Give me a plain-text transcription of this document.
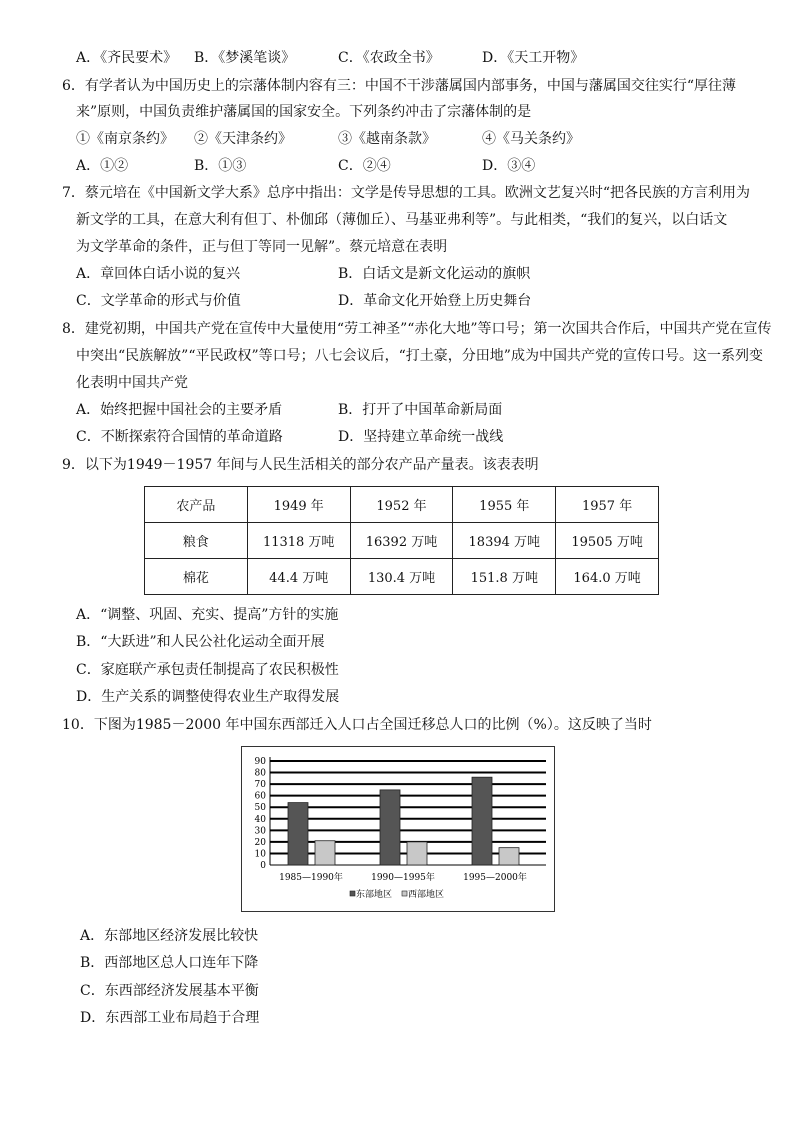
A．《齐民要术》 B．《梦溪笔谈》	C．《农政全书》	D．《天工开物》
6．有学者认为中国历史上的宗藩体制内容有三：中国不干涉藩属国内部事务，中国与藩属国交往实行“厚往薄
来”原则，中国负责维护藩属国的国家安全。下列条约冲击了宗藩体制的是
①《南京条约》 ②《天津条约》	③《越南条款》	④《马关条约》
A．①②	B．①③	C．②④	D．③④
7．蔡元培在《中国新文学大系》总序中指出：文学是传导思想的工具。欧洲文艺复兴时“把各民族的方言利用为
新文学的工具，在意大利有但丁、朴伽邱（薄伽丘）、马基亚弗利等”。与此相类，“我们的复兴，以白话文
为文学革命的条件，正与但丁等同一见解”。蔡元培意在表明
A．章回体白话小说的复兴	B．白话文是新文化运动的旗帜
C．文学革命的形式与价值	D．革命文化开始登上历史舞台
8．建党初期，中国共产党在宣传中大量使用“劳工神圣”“赤化大地”等口号；第一次国共合作后，中国共产党在宣传
中突出“民族解放”“平民政权”等口号；八七会议后，“打土豪，分田地”成为中国共产党的宣传口号。这一系列变
化表明中国共产党
A．始终把握中国社会的主要矛盾	B．打开了中国革命新局面
C．不断探索符合国情的革命道路	D．坚持建立革命统一战线
9．以下为1949－1957 年间与人民生活相关的部分农产品产量表。该表表明
农产品	1949 年	1952 年	1955 年	1957 年
粮食	11318 万吨	16392 万吨	18394 万吨	19505 万吨
棉花	44.4 万吨	130.4 万吨	151.8 万吨	164.0 万吨
A．“调整、巩固、充实、提高”方针的实施
B．“大跃进”和人民公社化运动全面开展
C．家庭联产承包责任制提高了农民积极性
D．生产关系的调整使得农业生产取得发展
10．下图为1985－2000 年中国东西部迁入人口占全国迁移总人口的比例（%）。这反映了当时
0
10
20
30
40
50
60
70
80
90
1985—1990年	1990—1995年	1995—2000年
东部地区 西部地区
A．东部地区经济发展比较快
B．西部地区总人口连年下降
C．东西部经济发展基本平衡
D．东西部工业布局趋于合理
